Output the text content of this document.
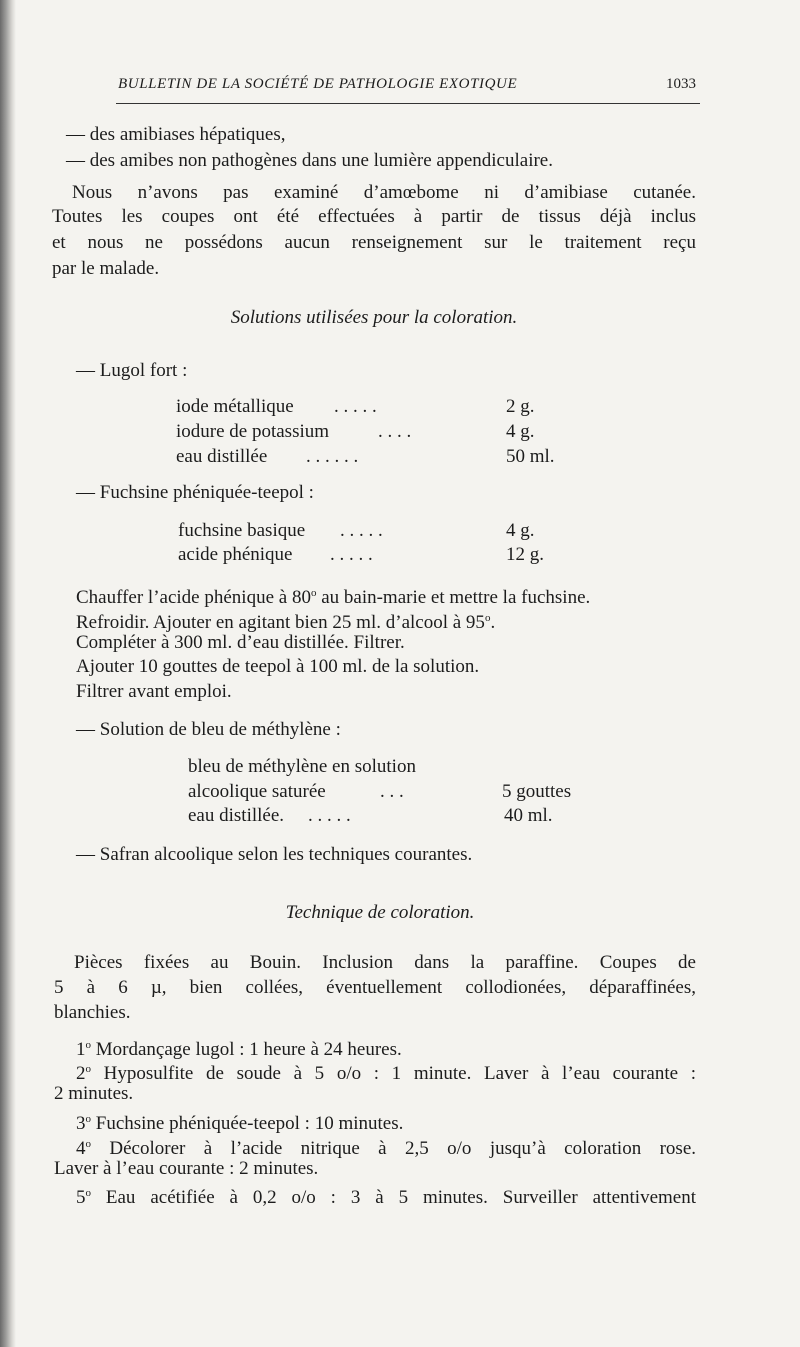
BULLETIN DE LA SOCIÉTÉ DE PATHOLOGIE EXOTIQUE	1033
— des amibiases hépatiques,
— des amibes non pathogènes dans une lumière appendiculaire.
Nous n’avons pas examiné d’amœbome ni d’amibiase cutanée.
Toutes les coupes ont été effectuées à partir de tissus déjà inclus
et nous ne possédons aucun renseignement sur le traitement reçu
par le malade.
Solutions utilisées pour la coloration.
— Lugol fort :
iode métallique . . . . .	2 g.
iodure de potassium	. . . .	4 g.
eau distillée . . . . . .	50 ml.
— Fuchsine phéniquée-teepol :
fuchsine basique . . . . .	4 g.
acide phénique . . . . .	12 g.
Chauffer l’acide phénique à 80$^o$ au bain-marie et mettre la fuchsine.
Refroidir. Ajouter en agitant bien 25 ml. d’alcool à 95$^o$.
Compléter à 300 ml. d’eau distillée. Filtrer.
Ajouter 10 gouttes de teepol à 100 ml. de la solution.
Filtrer avant emploi.
— Solution de bleu de méthylène :
bleu de méthylène en solution
alcoolique saturée	. . .	5 gouttes
eau distillée. . . . . .	40 ml.
— Safran alcoolique selon les techniques courantes.
Technique de coloration.
Pièces fixées au Bouin. Inclusion dans la paraffine. Coupes de
5 à 6 µ, bien collées, éventuellement collodionées, déparaffinées,
blanchies.
1$^o$ Mordançage lugol : 1 heure à 24 heures.
2$^o$ Hyposulfite de soude à 5 o/o : 1 minute. Laver à l’eau courante :
2 minutes.
3$^o$ Fuchsine phéniquée-teepol : 10 minutes.
4$^o$ Décolorer à l’acide nitrique à 2,5 o/o jusqu’à coloration rose.
Laver à l’eau courante : 2 minutes.
5$^o$ Eau acétifiée à 0,2 o/o : 3 à 5 minutes. Surveiller attentivement
